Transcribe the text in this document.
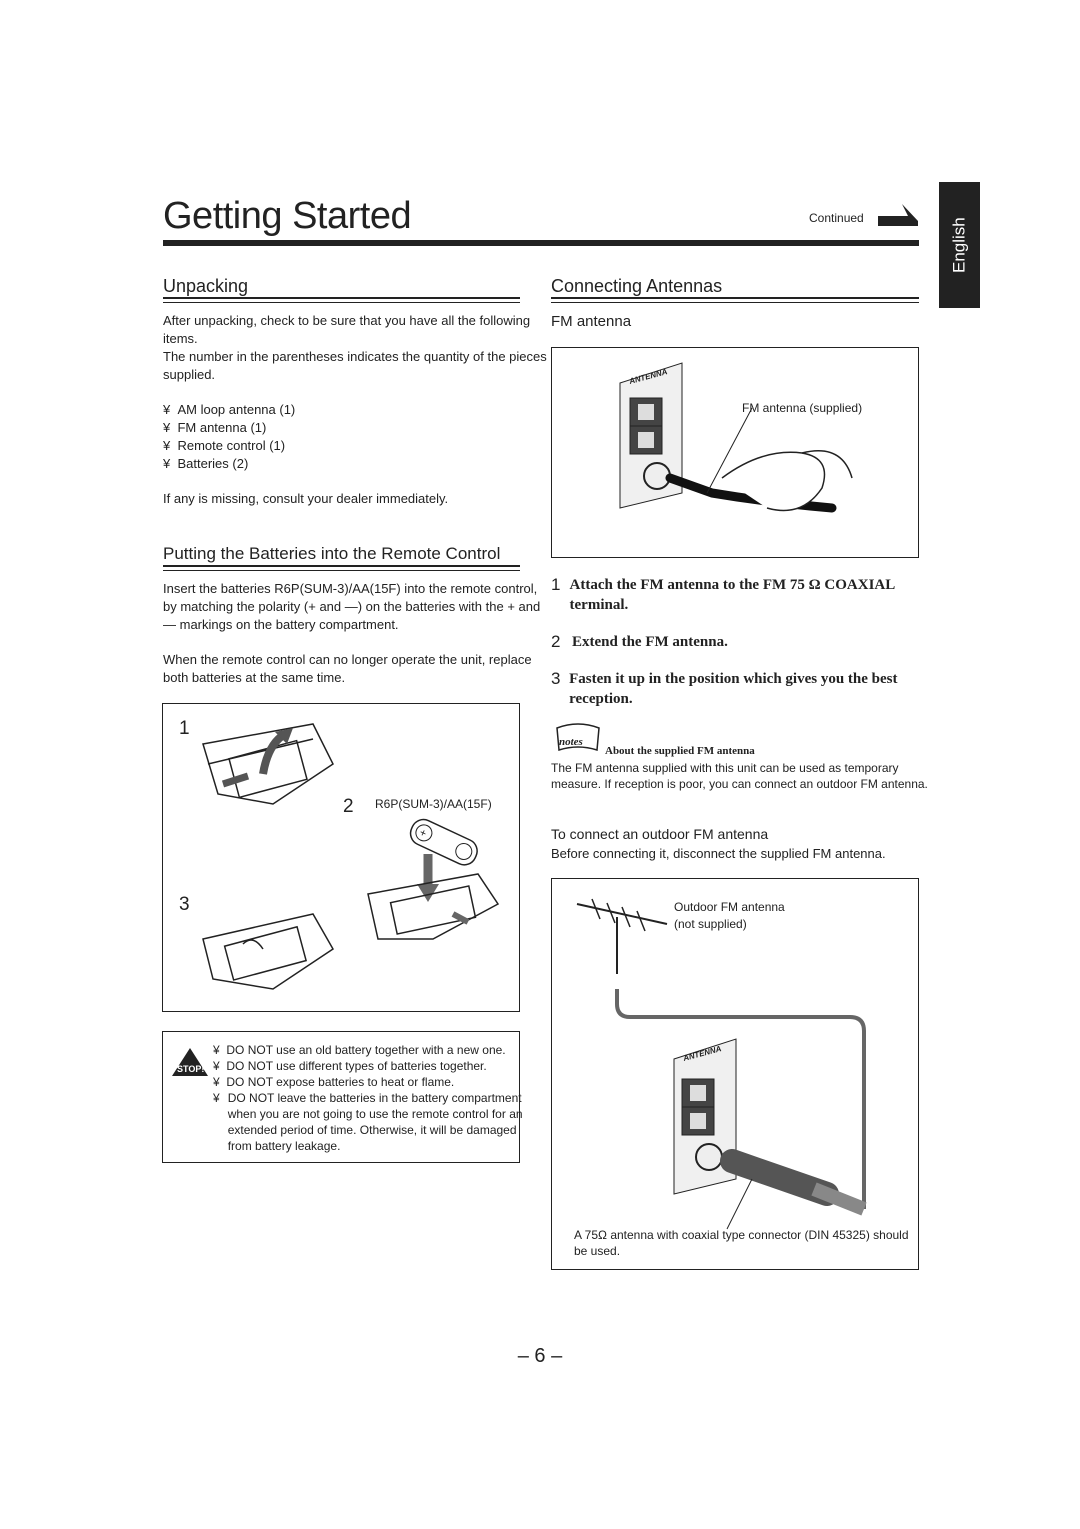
Getting Started	Continued	English
Unpacking
After unpacking, check to be sure that you have all the following items.
The number in the parentheses indicates the quantity of the pieces supplied.
¥ AM loop antenna (1)
¥ FM antenna (1)
¥ Remote control (1)
¥ Batteries (2)
If any is missing, consult your dealer immediately.
Putting the Batteries into the Remote Control
Insert the batteries R6P(SUM-3)/AA(15F) into the remote control, by matching the polarity (+ and —) on the batteries with the + and — markings on the battery compartment.
When the remote control can no longer operate the unit, replace both batteries at the same time.
1
2 R6P(SUM-3)/AA(15F)
3
+
STOP!
¥ DO NOT use an old battery together with a new one.
¥ DO NOT use different types of batteries together.
¥ DO NOT expose batteries to heat or flame.
¥ DO NOT leave the batteries in the battery compartment when you are not going to use the remote control for an extended period of time. Otherwise, it will be damaged from battery leakage.
Connecting Antennas
FM antenna
FM antenna (supplied)
ANTENNA
1 Attach the FM antenna to the FM 75 Ω COAXIAL terminal.
2 Extend the FM antenna.
3 Fasten it up in the position which gives you the best reception.
notes
About the supplied FM antenna
The FM antenna supplied with this unit can be used as temporary measure. If reception is poor, you can connect an outdoor FM antenna.
To connect an outdoor FM antenna
Before connecting it, disconnect the supplied FM antenna.
Outdoor FM antenna
(not supplied)
ANTENNA
A 75Ω antenna with coaxial type connector (DIN 45325) should be used.
– 6 –
